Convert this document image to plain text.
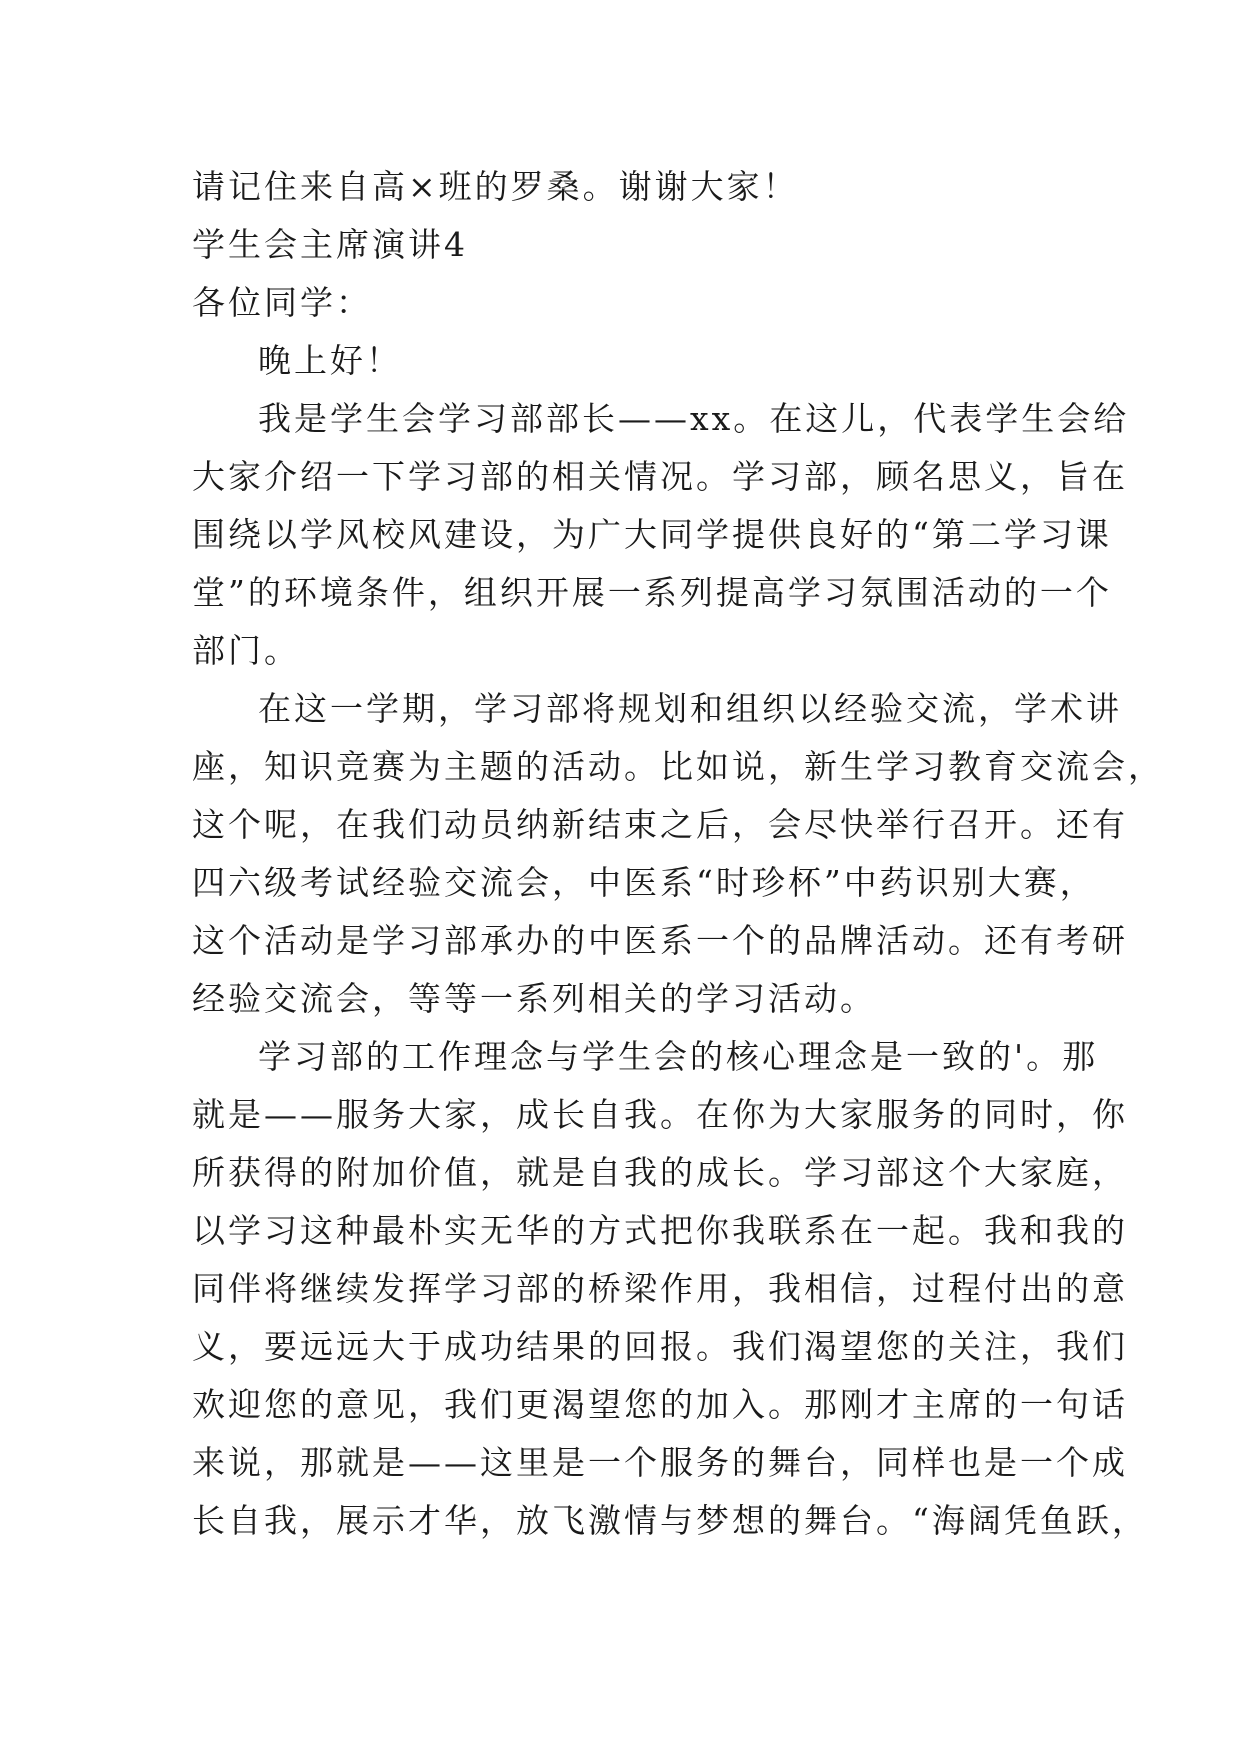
请记住来自高×班的罗桑。谢谢大家！
学生会主席演讲4
各位同学：
晚上好！
我是学生会学习部部长——xx。在这儿，代表学生会给
大家介绍一下学习部的相关情况。学习部，顾名思义，旨在
围绕以学风校风建设，为广大同学提供良好的“第二学习课
堂”的环境条件，组织开展一系列提高学习氛围活动的一个
部门。
在这一学期，学习部将规划和组织以经验交流，学术讲
座，知识竞赛为主题的活动。比如说，新生学习教育交流会，
这个呢，在我们动员纳新结束之后，会尽快举行召开。还有
四六级考试经验交流会，中医系“时珍杯”中药识别大赛，
这个活动是学习部承办的中医系一个的品牌活动。还有考研
经验交流会，等等一系列相关的学习活动。
学习部的工作理念与学生会的核心理念是一致的'。那
就是——服务大家，成长自我。在你为大家服务的同时，你
所获得的附加价值，就是自我的成长。学习部这个大家庭，
以学习这种最朴实无华的方式把你我联系在一起。我和我的
同伴将继续发挥学习部的桥梁作用，我相信，过程付出的意
义，要远远大于成功结果的回报。我们渴望您的关注，我们
欢迎您的意见，我们更渴望您的加入。那刚才主席的一句话
来说，那就是——这里是一个服务的舞台，同样也是一个成
长自我，展示才华，放飞激情与梦想的舞台。“海阔凭鱼跃，
